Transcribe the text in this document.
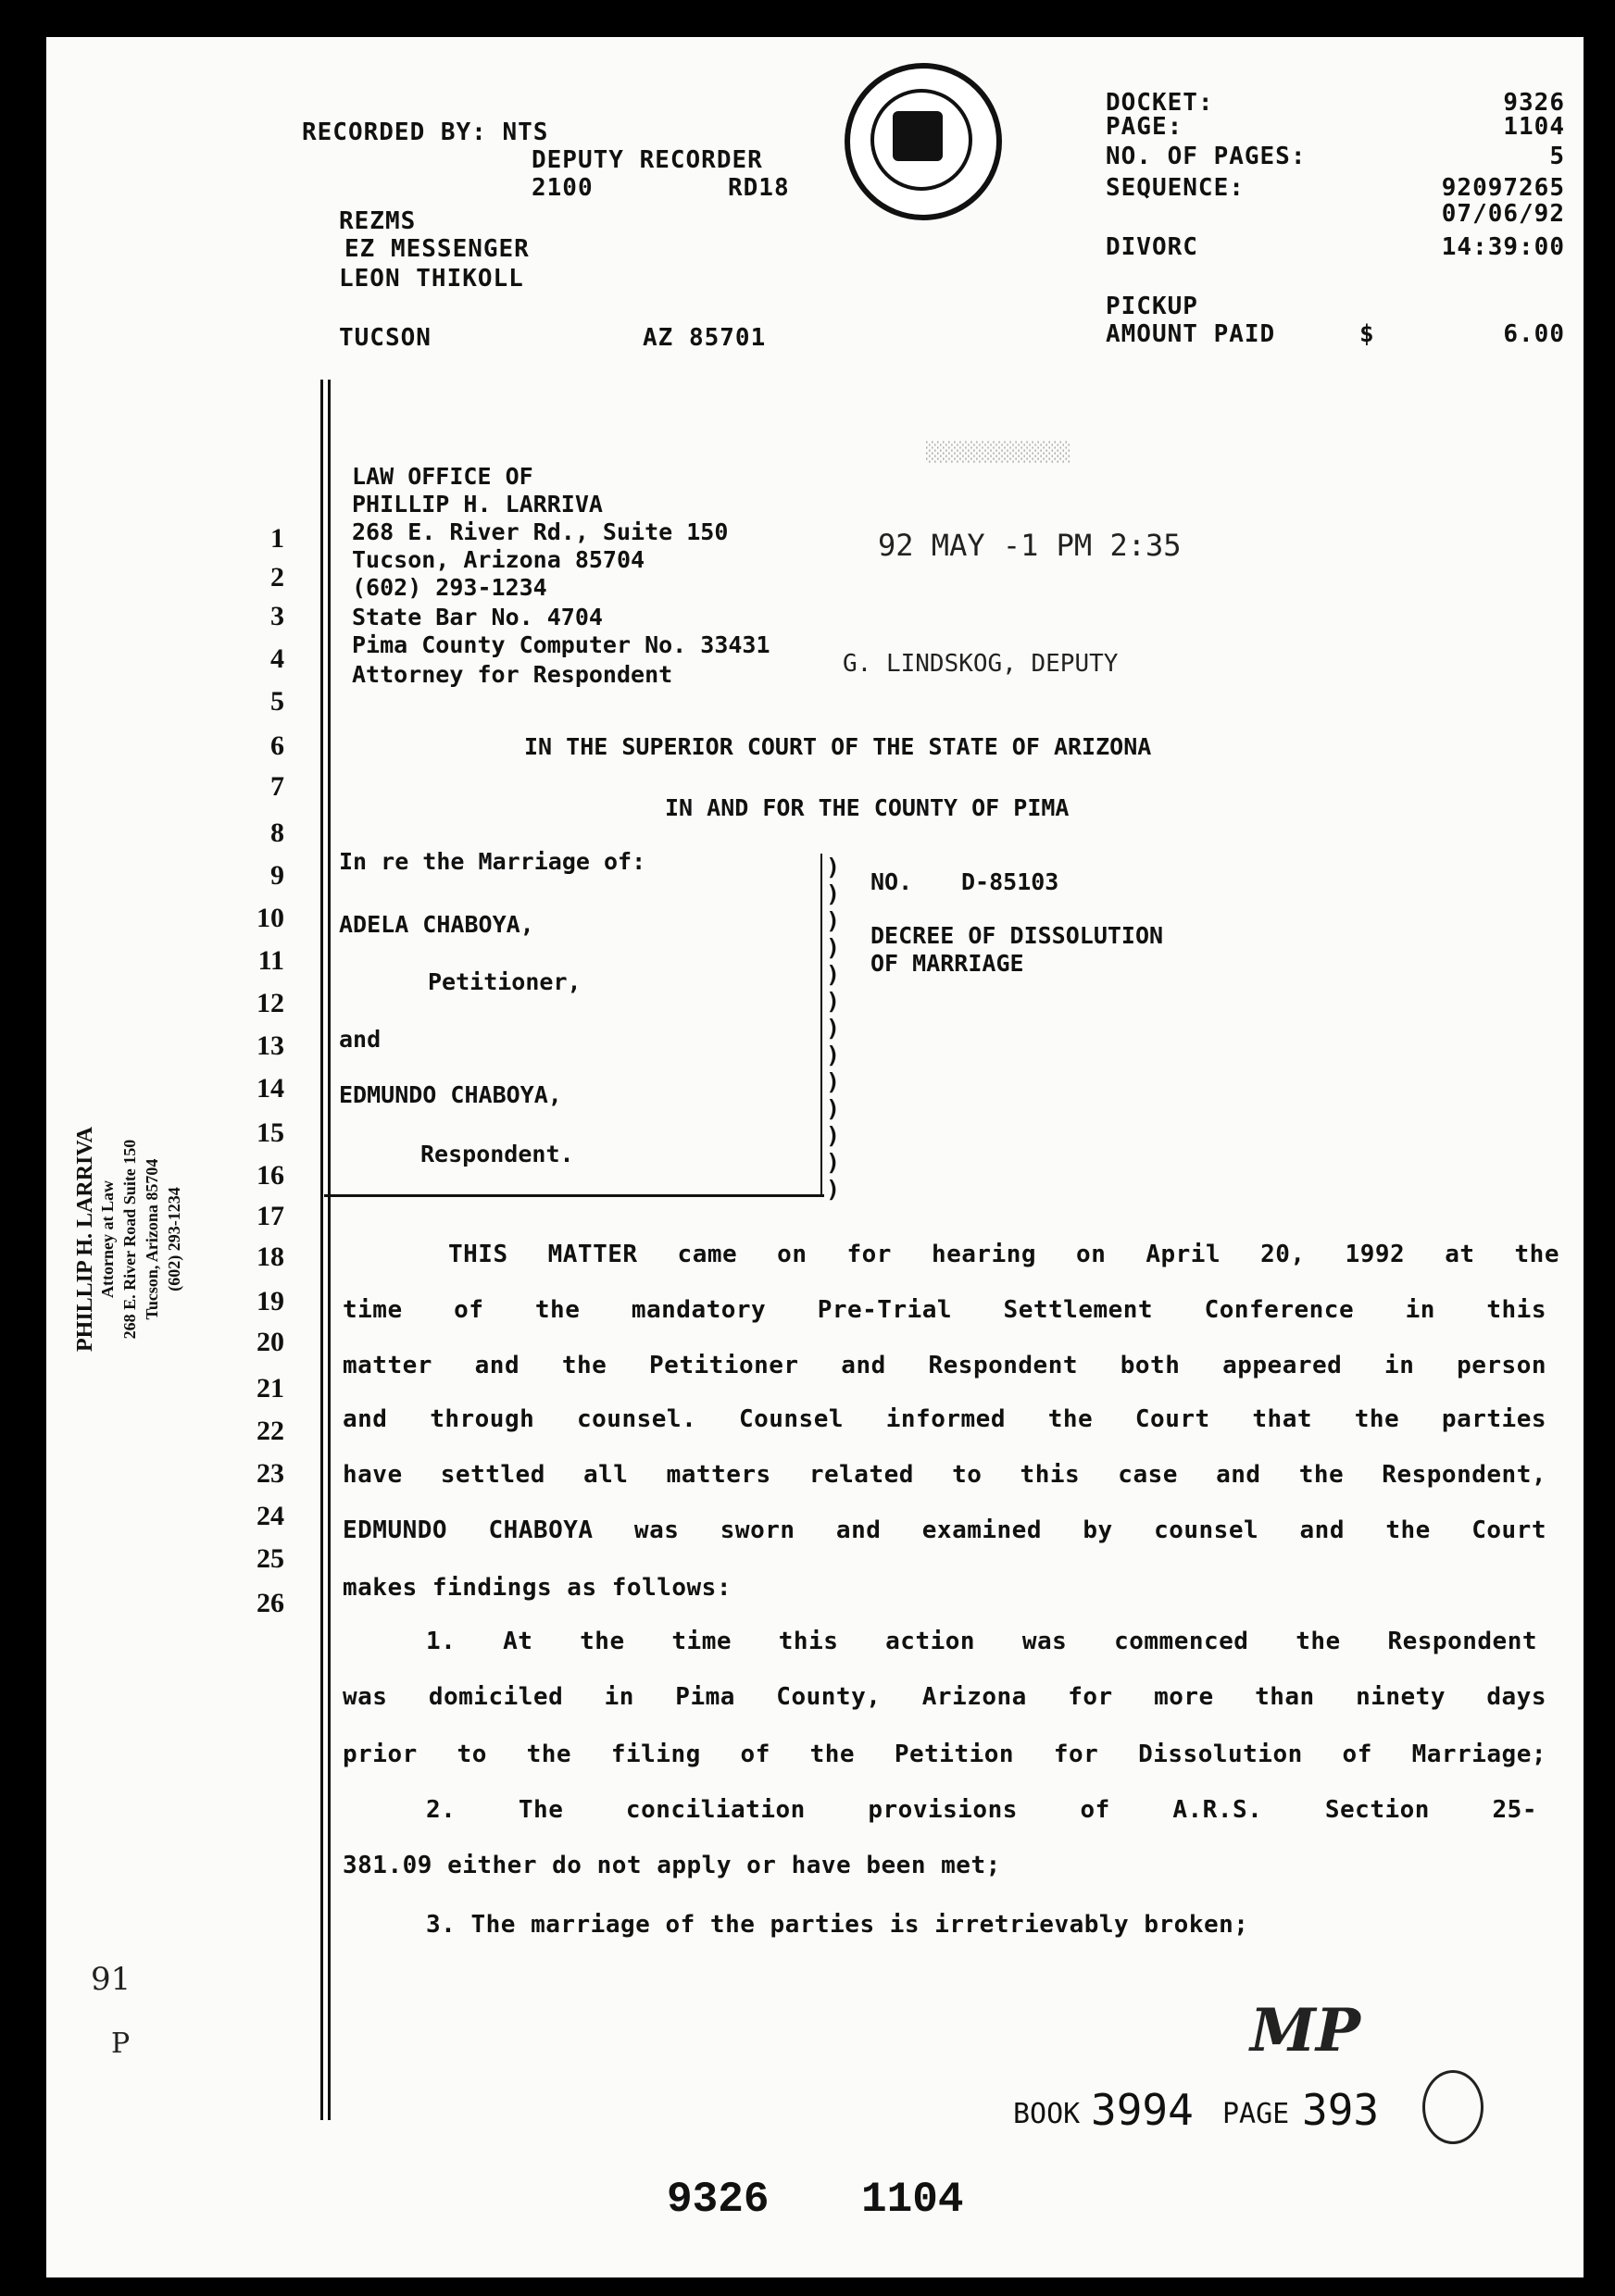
RECORDED BY: NTS
DEPUTY RECORDER
2100	RD18
REZMS
EZ MESSENGER
LEON THIKOLL
TUCSON	AZ 85701
DOCKET:	9326
PAGE:	1104
NO. OF PAGES:	5
SEQUENCE:	92097265
07/06/92
DIVORC	14:39:00
PICKUP
AMOUNT PAID	$	6.00
1
2
3
4
5
6
7
8
9
10
11
12
13
14
15
16
17
18
19
20
21
22
23
24
25
26
LAW OFFICE OF
PHILLIP H. LARRIVA
268 E. River Rd., Suite 150
Tucson, Arizona 85704
(602) 293-1234
State Bar No. 4704
Pima County Computer No. 33431
Attorney for Respondent
░░░░░░░░░░░░░
92 MAY -1 PM 2:35
G. LINDSKOG, DEPUTY
IN THE SUPERIOR COURT OF THE STATE OF ARIZONA
IN AND FOR THE COUNTY OF PIMA
In re the Marriage of:
ADELA CHABOYA,
Petitioner,
and
EDMUNDO CHABOYA,
Respondent.
)
)
)
)
)
)
)
)
)
)
)
)
)
NO. D-85103
DECREE OF DISSOLUTION
OF MARRIAGE
THIS MATTER came on for hearing on April 20, 1992 at the
time of the mandatory Pre-Trial Settlement Conference in this
matter and the Petitioner and Respondent both appeared in person
and through counsel. Counsel informed the Court that the parties
have settled all matters related to this case and the Respondent,
EDMUNDO CHABOYA was sworn and examined by counsel and the Court
makes findings as follows:
1. At the time this action was commenced the Respondent
was domiciled in Pima County, Arizona for more than ninety days
prior to the filing of the Petition for Dissolution of Marriage;
2. The conciliation provisions of A.R.S. Section 25-
381.09 either do not apply or have been met;
3. The marriage of the parties is irretrievably broken;
PHILLIP H. LARRIVA Attorney at Law 268 E. River Road Suite 150 Tucson, Arizona 85704 (602) 293-1234
91
P	MP
BOOK 3994 PAGE 393
9326 1104
